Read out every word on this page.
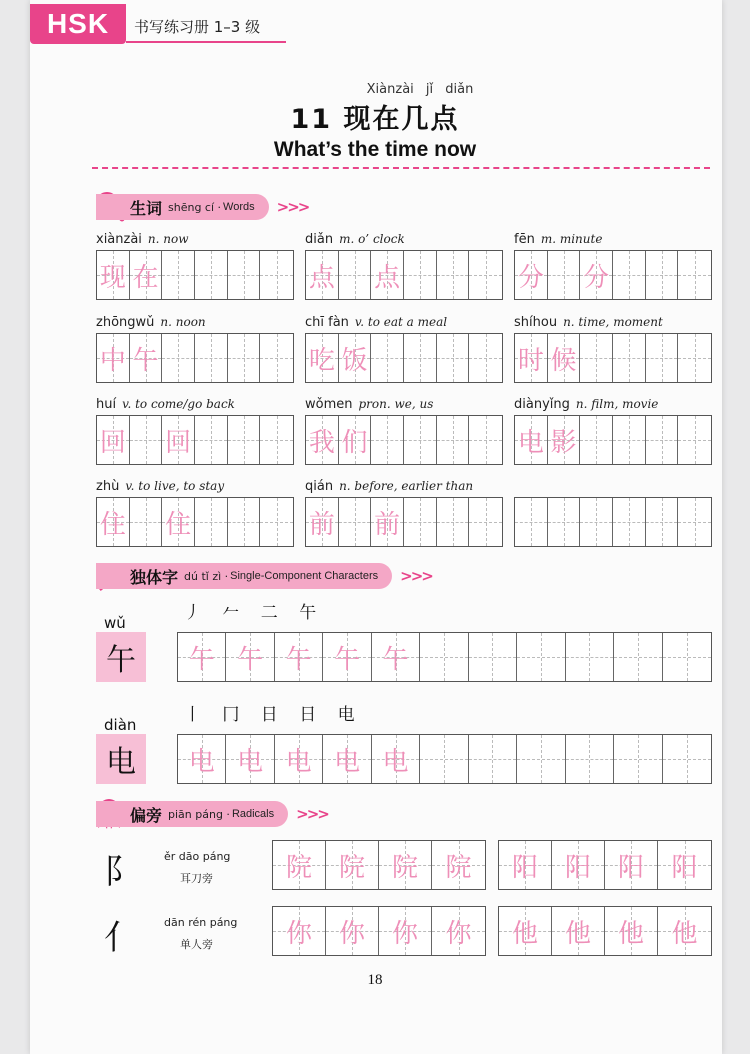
HSK	书写练习册 1–3 级
Xiànzài jǐ diǎn
11 现在几点
What’s the time now
生词 shēng cí · Words >>>
xiànzài n. now
现 在
diǎn m. o’ clock
点 点
fēn m. minute
分 分
zhōngwǔ n. noon
中 午
chī fàn v. to eat a meal
吃 饭
shíhou n. time, moment
时 候
huí v. to come/go back
回 回
wǒmen pron. we, us
我 们
diànyǐng n. film, movie
电 影
zhù v. to live, to stay
住 住
qián n. before, earlier than
前 前
独体字 dú tǐ zì · Single-Component Characters >>>
wǔ	丿 𠂉 二 午
午	午 午 午 午 午
diàn	丨 冂 日 日 电
电	电 电 电 电 电
偏旁 piān páng · Radicals >>>
阝 ěr dāo páng
耳刀旁	院 院 院 院 阳 阳 阳 阳
亻 dān rén páng
单人旁	你 你 你 你 他 他 他 他
18
